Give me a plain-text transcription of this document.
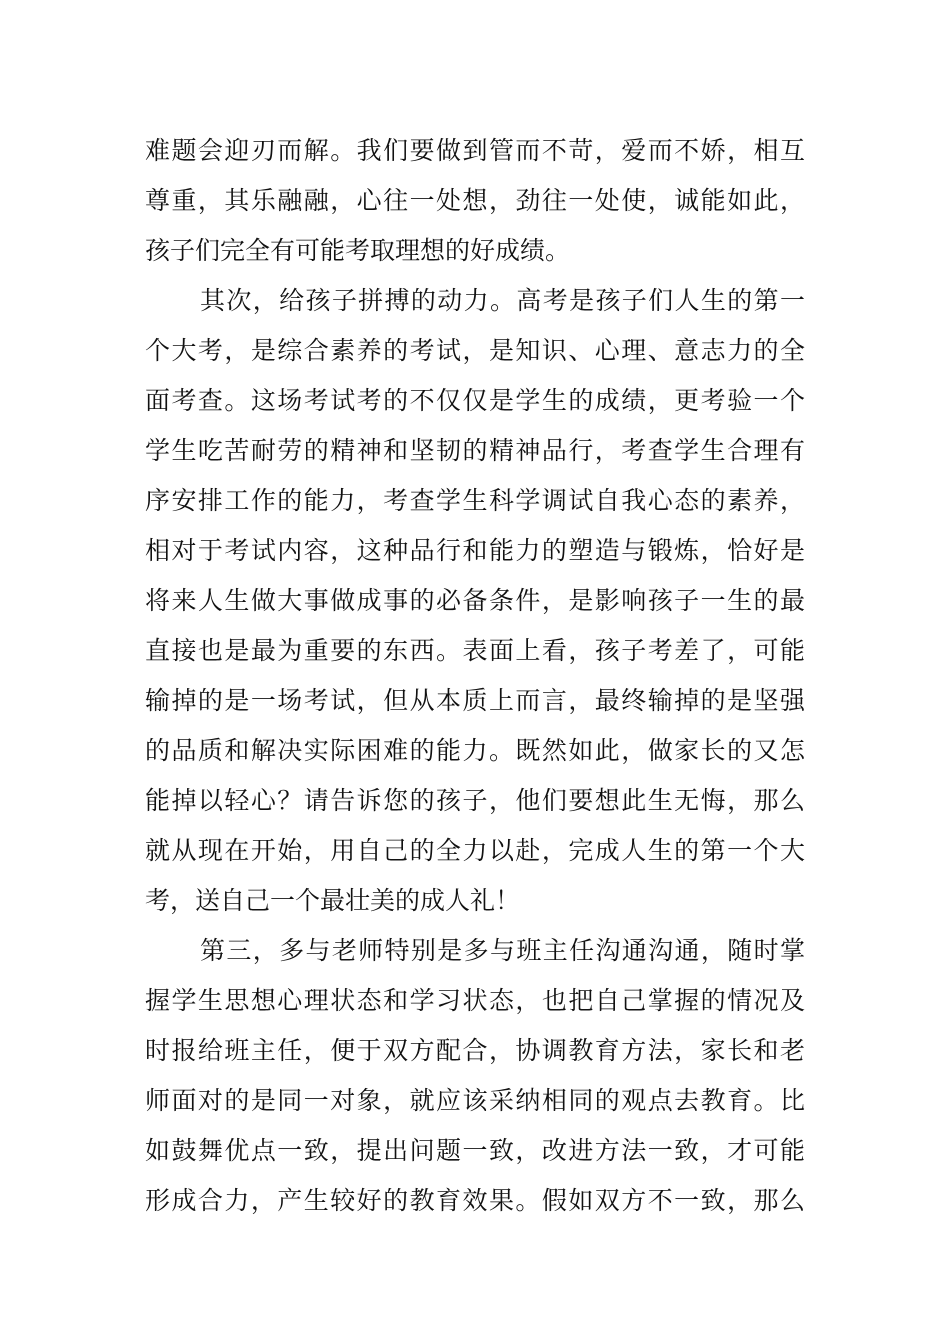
难题会迎刃而解。我们要做到管而不苛，爱而不娇，相互
尊重，其乐融融，心往一处想，劲往一处使，诚能如此，
孩子们完全有可能考取理想的好成绩。
其次，给孩子拼搏的动力。高考是孩子们人生的第一
个大考，是综合素养的考试，是知识、心理、意志力的全
面考查。这场考试考的不仅仅是学生的成绩，更考验一个
学生吃苦耐劳的精神和坚韧的精神品行，考查学生合理有
序安排工作的能力，考查学生科学调试自我心态的素养，
相对于考试内容，这种品行和能力的塑造与锻炼，恰好是
将来人生做大事做成事的必备条件，是影响孩子一生的最
直接也是最为重要的东西。表面上看，孩子考差了，可能
输掉的是一场考试，但从本质上而言，最终输掉的是坚强
的品质和解决实际困难的能力。既然如此，做家长的又怎
能掉以轻心？请告诉您的孩子，他们要想此生无悔，那么
就从现在开始，用自己的全力以赴，完成人生的第一个大
考，送自己一个最壮美的成人礼！
第三，多与老师特别是多与班主任沟通沟通，随时掌
握学生思想心理状态和学习状态，也把自己掌握的情况及
时报给班主任，便于双方配合，协调教育方法，家长和老
师面对的是同一对象，就应该采纳相同的观点去教育。比
如鼓舞优点一致，提出问题一致，改进方法一致，才可能
形成合力，产生较好的教育效果。假如双方不一致，那么
